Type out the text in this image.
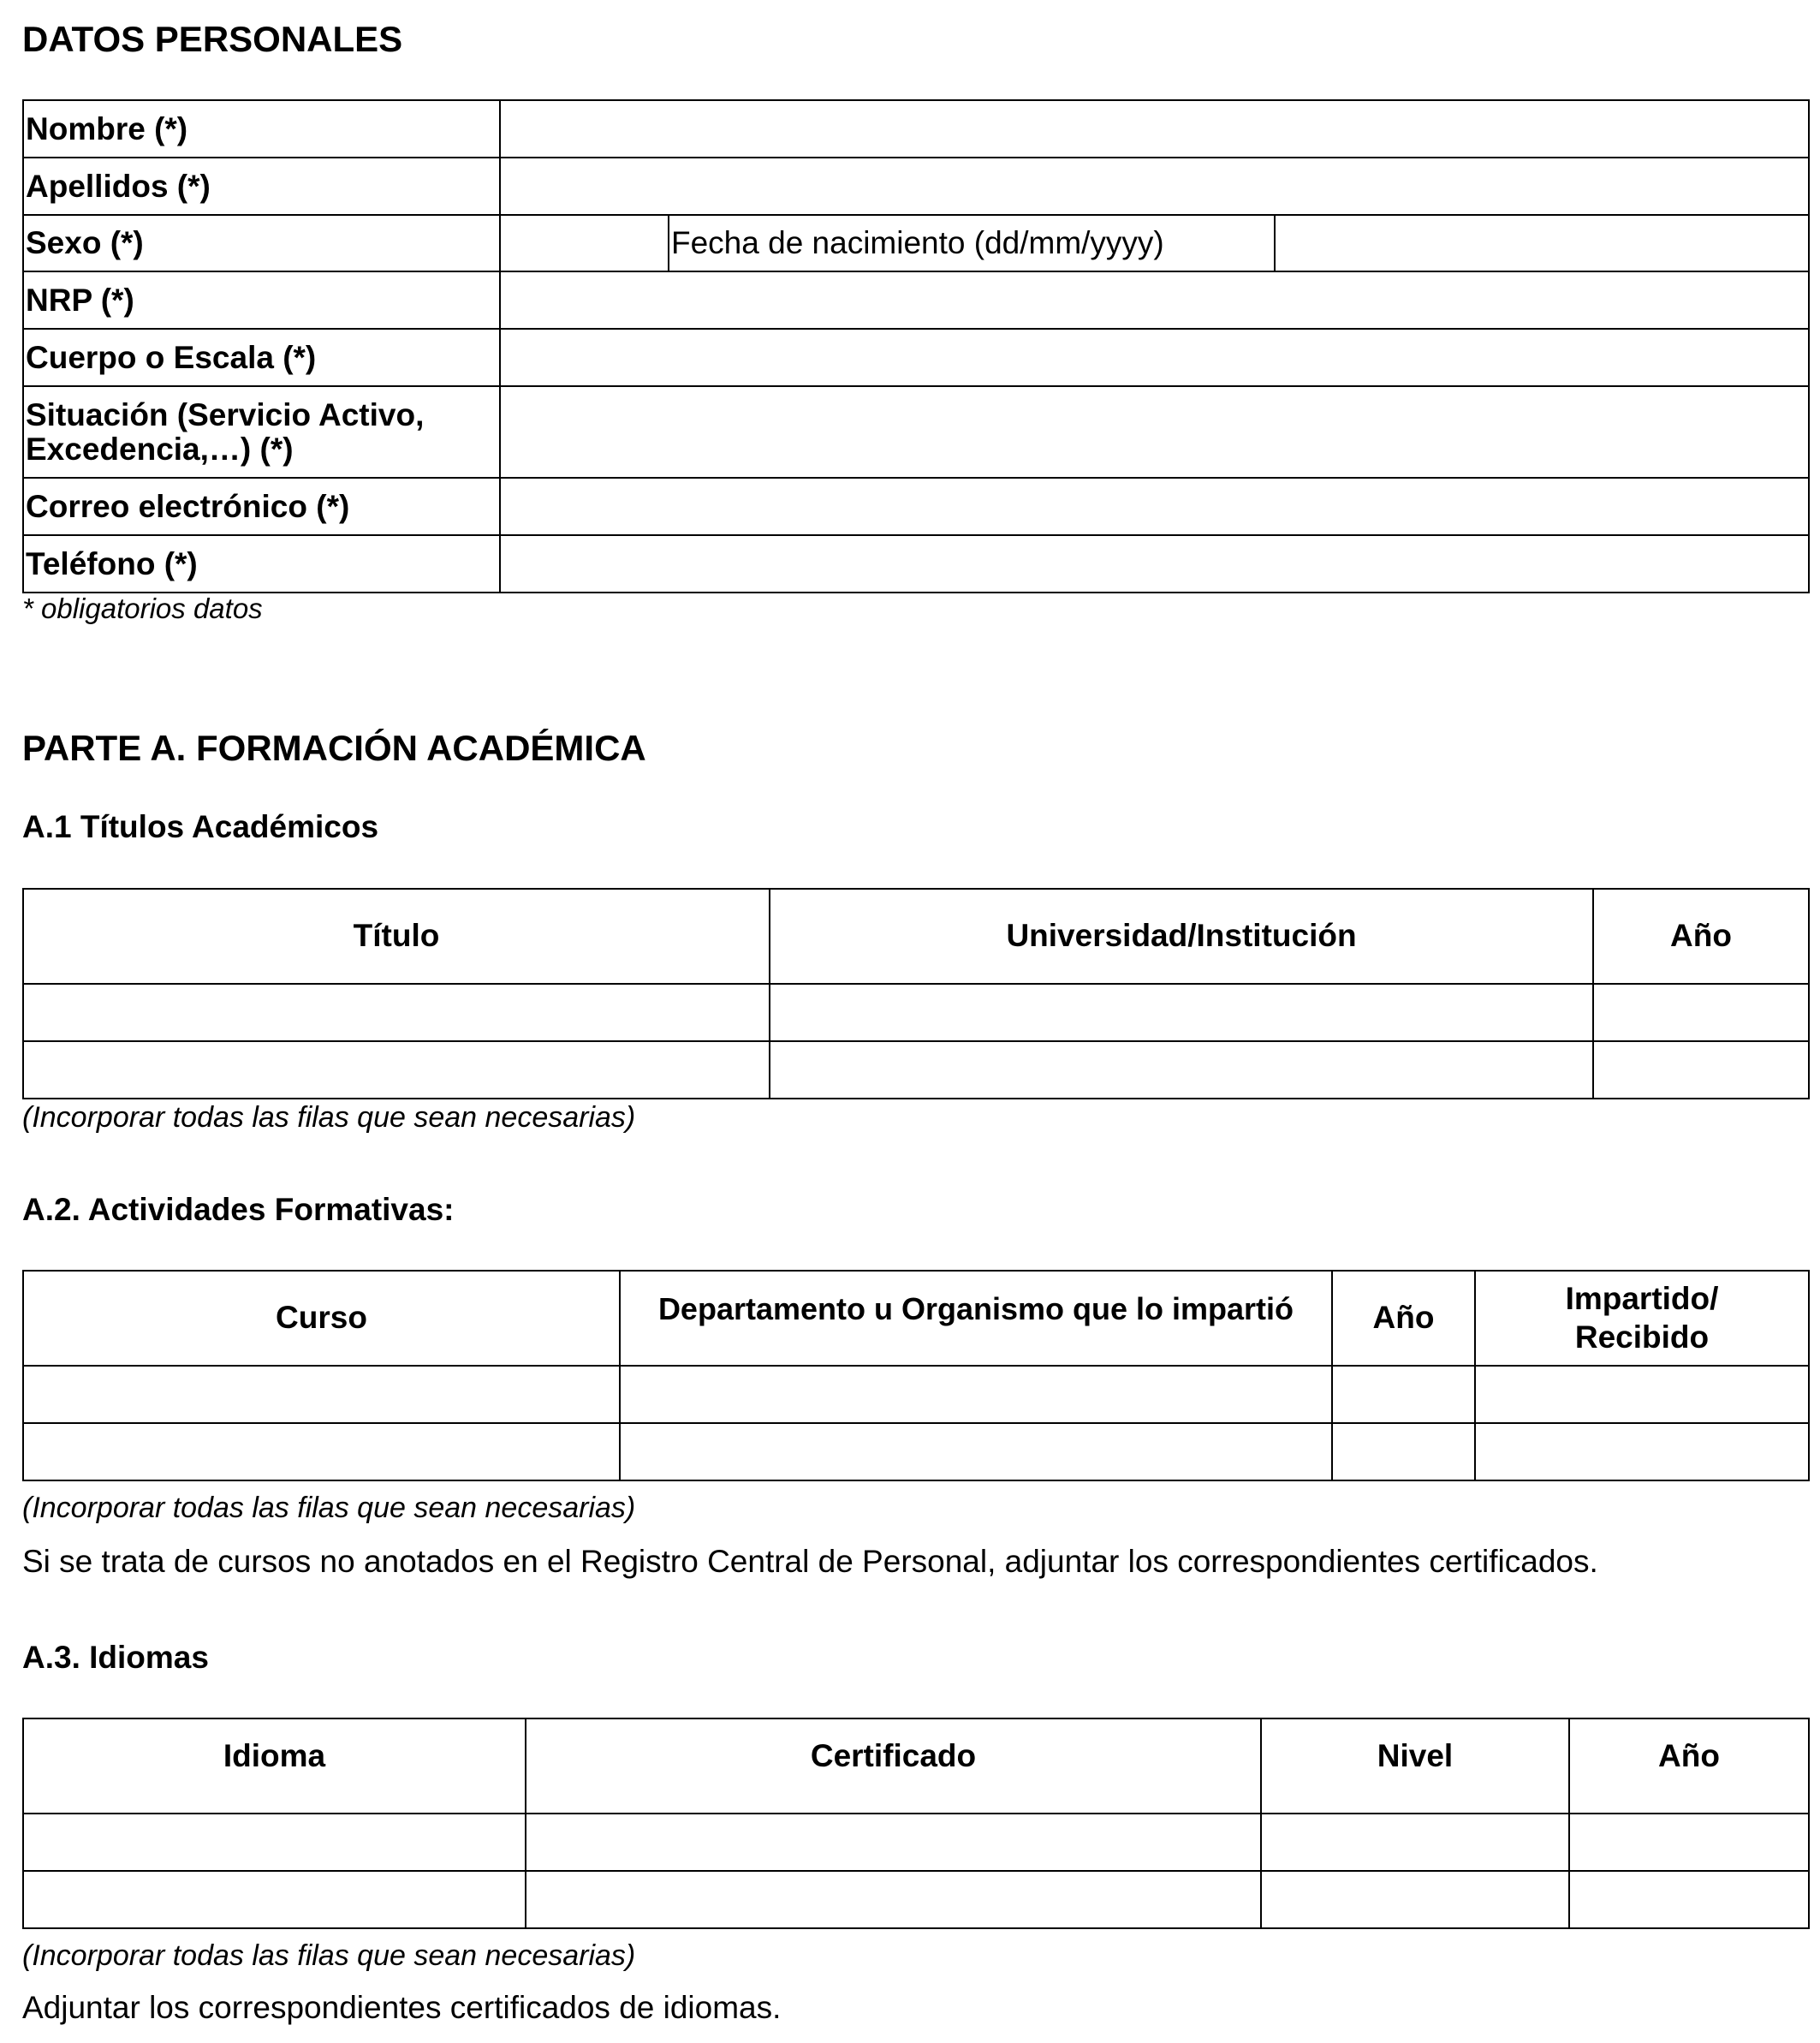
DATOS PERSONALES
Nombre (*)			
Apellidos (*)			
Sexo (*)		Fecha de nacimiento (dd/mm/yyyy)	
NRP (*)			
Cuerpo o Escala (*)			
Situación (Servicio Activo,
Excedencia,…) (*)			
Correo electrónico (*)			
Teléfono (*)			
* obligatorios datos
PARTE A. FORMACIÓN ACADÉMICA
A.1 Títulos Académicos
Título	Universidad/Institución	Año

(Incorporar todas las filas que sean necesarias)
A.2. Actividades Formativas:
Curso	Departamento u Organismo que lo impartió	Año	Impartido/
Recibido

(Incorporar todas las filas que sean necesarias)
Si se trata de cursos no anotados en el Registro Central de Personal, adjuntar los correspondientes certificados.
A.3. Idiomas
Idioma	Certificado	Nivel	Año

(Incorporar todas las filas que sean necesarias)
Adjuntar los correspondientes certificados de idiomas.
